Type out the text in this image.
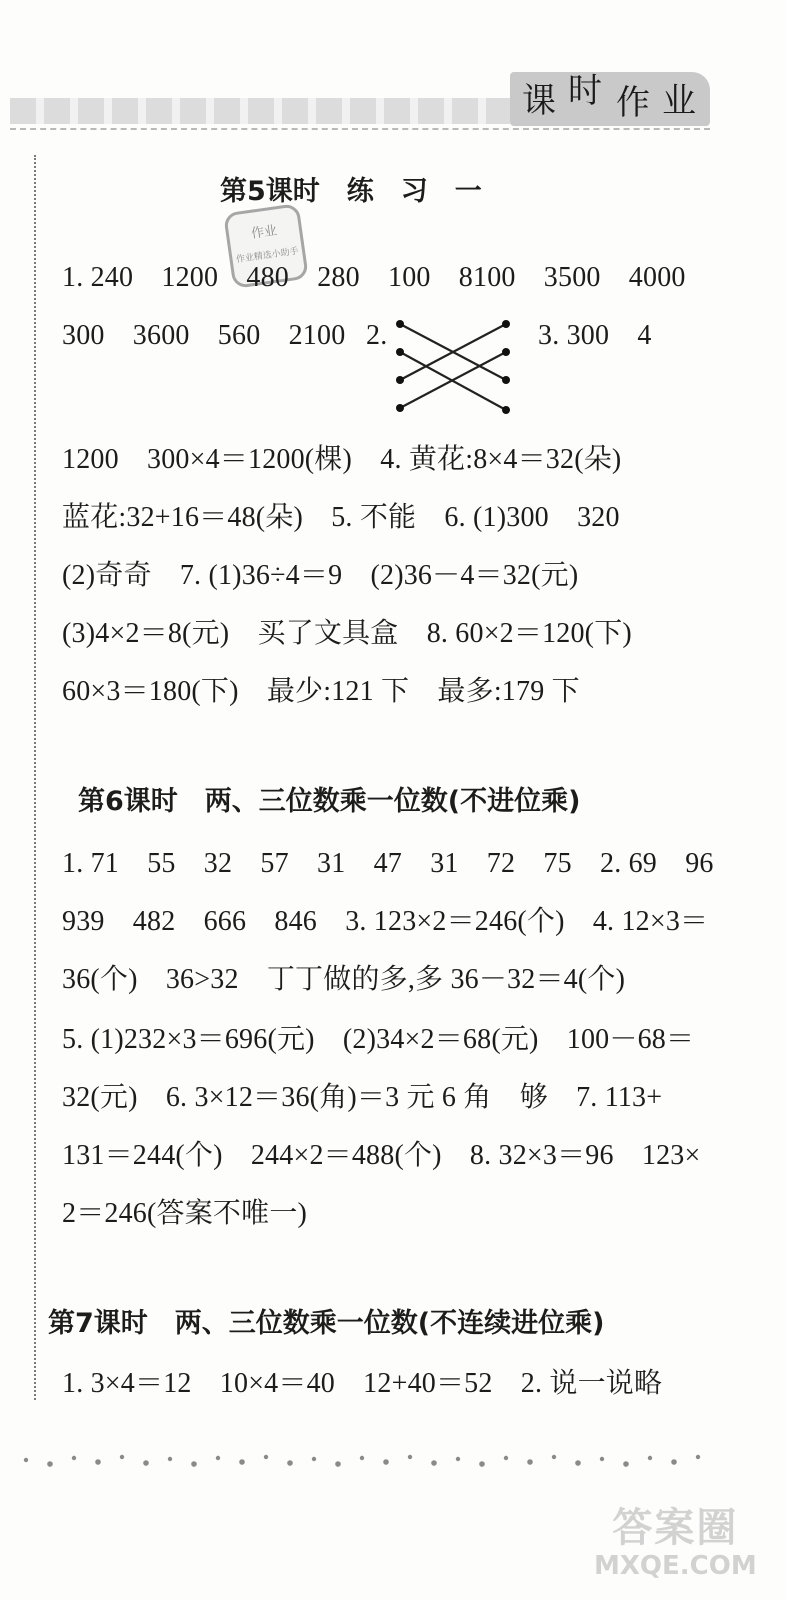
课 时 作 业
作业
作业精选小助手
第5课时　练　习　一
1. 240　1200　480　280　100　8100　3500　4000
300　3600　560　2100 2.	3. 300　4
1200　300×4＝1200(棵)　4. 黄花:8×4＝32(朵)
蓝花:32+16＝48(朵)　5. 不能　6. (1)300　320
(2)奇奇　7. (1)36÷4＝9　(2)36－4＝32(元)
(3)4×2＝8(元)　买了文具盒　8. 60×2＝120(下)
60×3＝180(下)　最少:121 下　最多:179 下
第6课时　两、三位数乘一位数(不进位乘)
1. 71　55　32　57　31　47　31　72　75　2. 69　96
939　482　666　846　3. 123×2＝246(个)　4. 12×3＝
36(个)　36>32　丁丁做的多,多 36－32＝4(个)
5. (1)232×3＝696(元)　(2)34×2＝68(元)　100－68＝
32(元)　6. 3×12＝36(角)＝3 元 6 角　够　7. 113+
131＝244(个)　244×2＝488(个)　8. 32×3＝96　123×
2＝246(答案不唯一)
第7课时　两、三位数乘一位数(不连续进位乘)
1. 3×4＝12　10×4＝40　12+40＝52　2. 说一说略
答案圈
MXQE.COM
